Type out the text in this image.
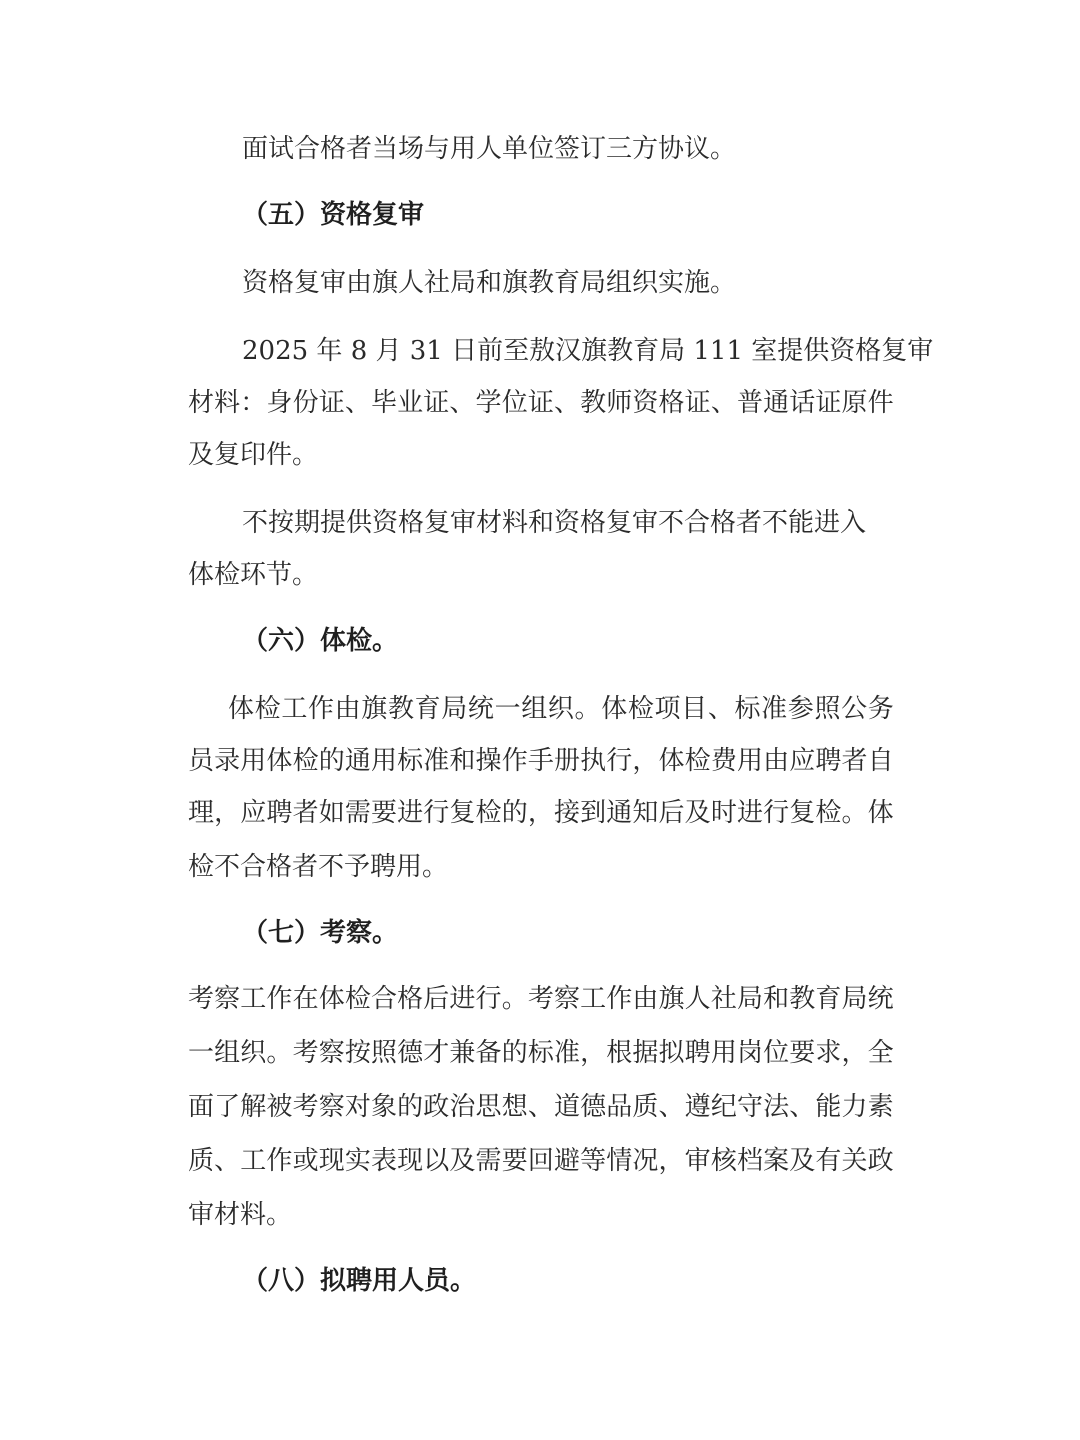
面试合格者当场与用人单位签订三方协议。
（五）资格复审
资格复审由旗人社局和旗教育局组织实施。
2025 年 8 月 31 日前至敖汉旗教育局 111 室提供资格复审
材 料 ： 身 份 证 、 毕 业 证 、 学 位 证 、 教 师 资 格 证 、 普 通 话 证 原 件
及复印件。
不按期提供资格复审材料和资格复审不合格者不能进入
体检环节。
（六）体检。
体 检 工 作 由 旗 教 育 局 统 一 组 织 。 体 检 项 目 、 标 准 参 照 公 务
员 录 用 体 检 的 通 用 标 准 和 操 作 手 册 执 行 ， 体 检 费 用 由 应 聘 者 自
理 ， 应 聘 者 如 需 要 进 行 复 检 的 ， 接 到 通 知 后 及 时 进 行 复 检 。 体
检不合格者不予聘用。
（七）考察。
考 察 工 作 在 体 检 合 格 后 进 行 。 考 察 工 作 由 旗 人 社 局 和 教 育 局 统
一 组 织 。 考 察 按 照 德 才 兼 备 的 标 准 ， 根 据 拟 聘 用 岗 位 要 求 ， 全
面 了 解 被 考 察 对 象 的 政 治 思 想 、 道 德 品 质 、 遵 纪 守 法 、 能 力 素
质 、 工 作 或 现 实 表 现 以 及 需 要 回 避 等 情 况 ， 审 核 档 案 及 有 关 政
审材料。
（八）拟聘用人员。
